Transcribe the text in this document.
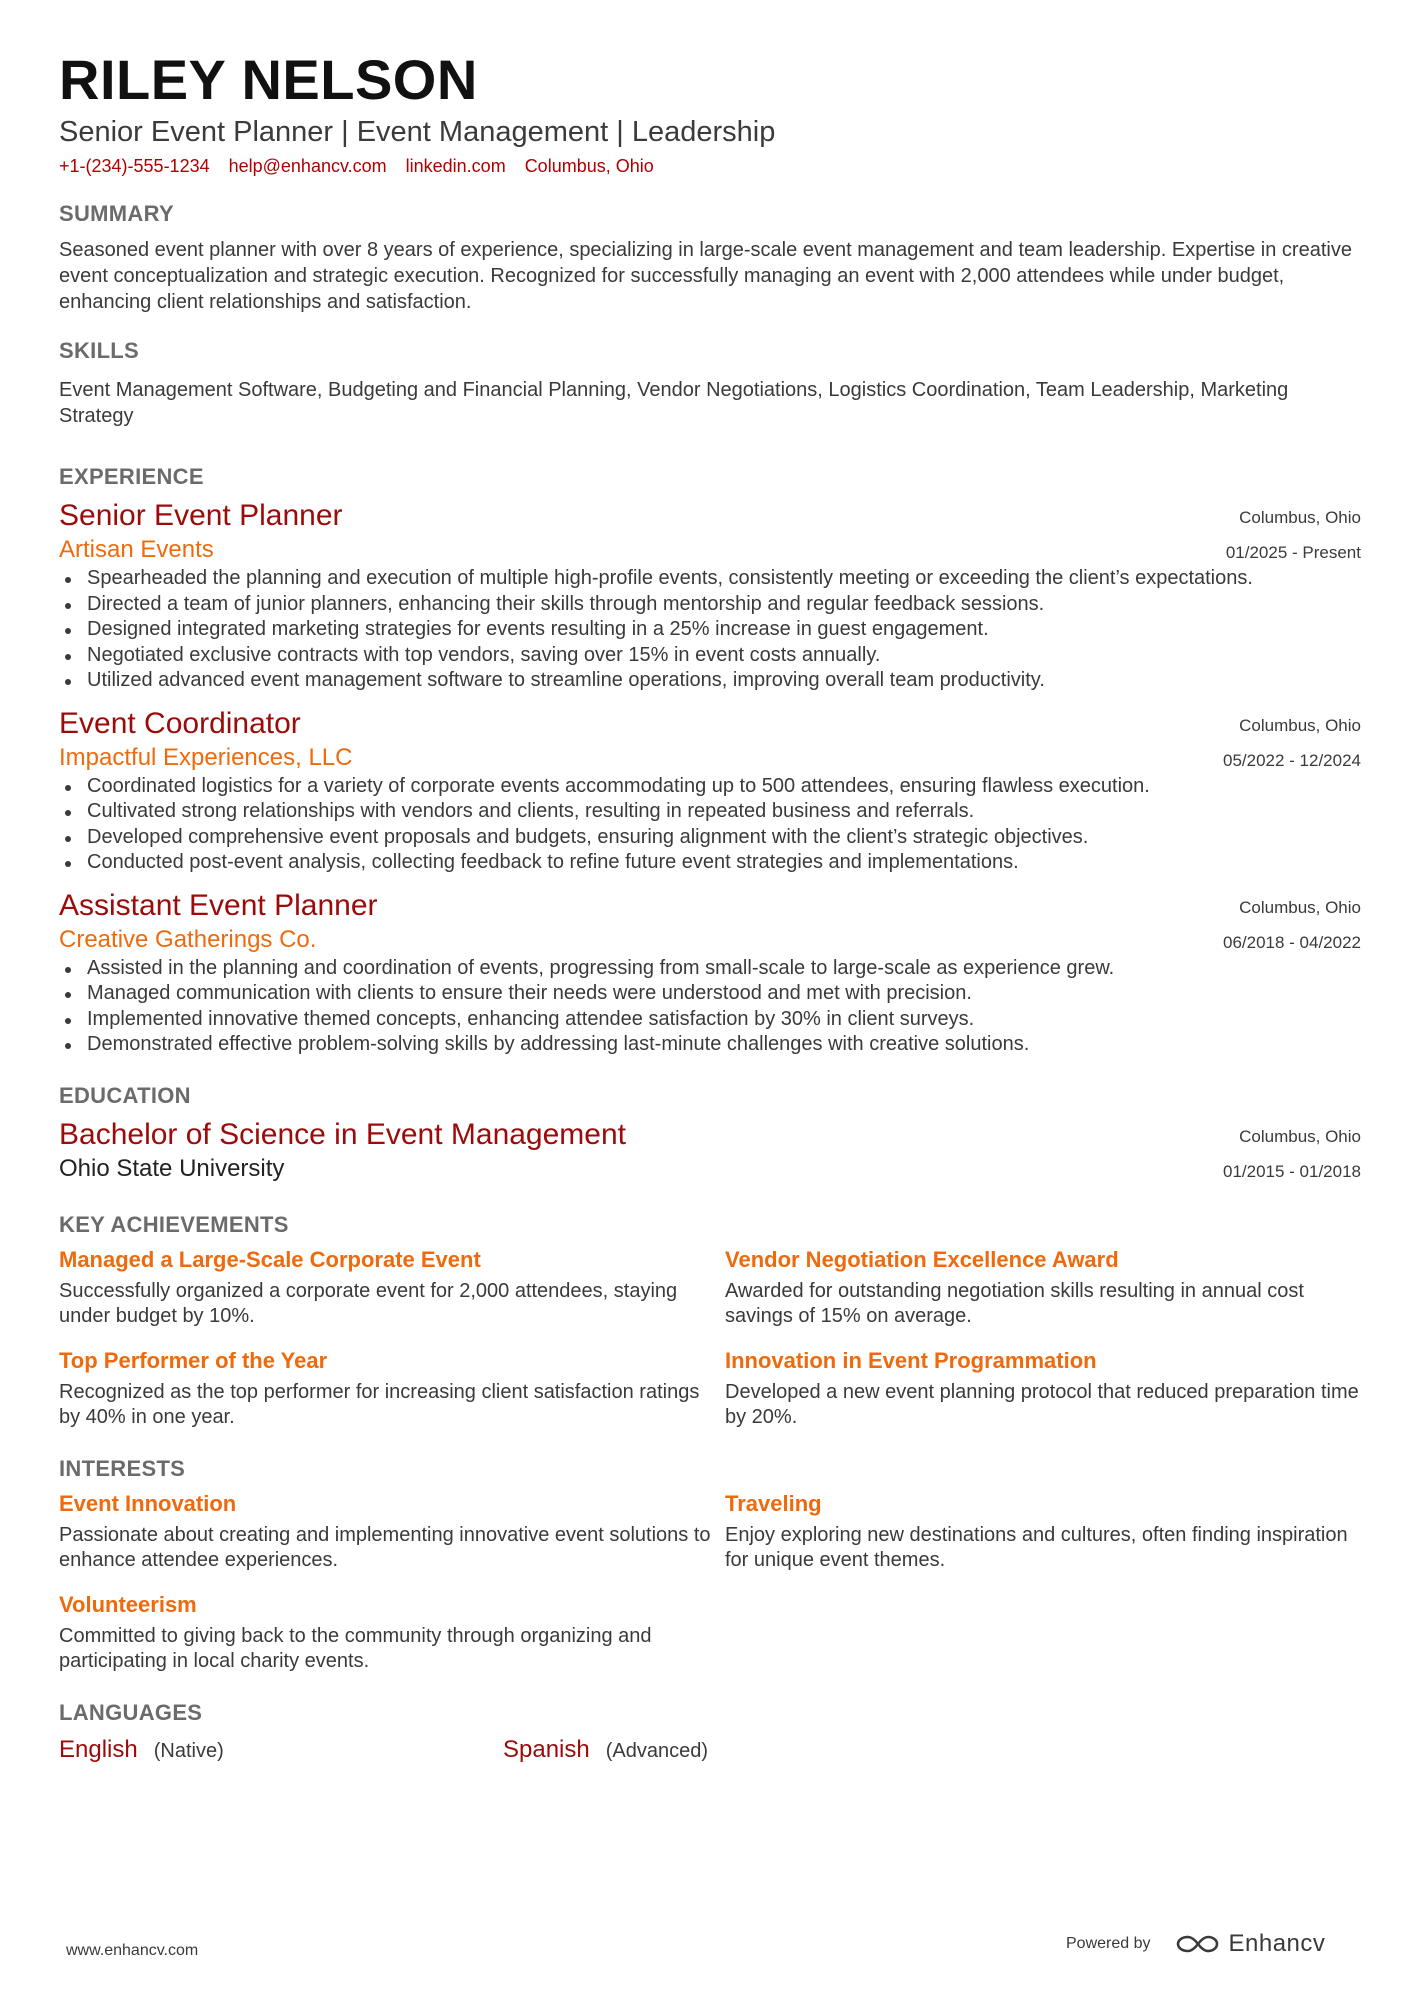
RILEY NELSON
Senior Event Planner | Event Management | Leadership
+1-(234)-555-1234 help@enhancv.com linkedin.com Columbus, Ohio
SUMMARY
Seasoned event planner with over 8 years of experience, specializing in large-scale event management and team leadership. Expertise in creative event conceptualization and strategic execution. Recognized for successfully managing an event with 2,000 attendees while under budget, enhancing client relationships and satisfaction.
SKILLS
Event Management Software, Budgeting and Financial Planning, Vendor Negotiations, Logistics Coordination, Team Leadership, Marketing Strategy
EXPERIENCE
Senior Event Planner
Artisan Events
Columbus, Ohio
01/2025 - Present
Spearheaded the planning and execution of multiple high-profile events, consistently meeting or exceeding the client’s expectations.
Directed a team of junior planners, enhancing their skills through mentorship and regular feedback sessions.
Designed integrated marketing strategies for events resulting in a 25% increase in guest engagement.
Negotiated exclusive contracts with top vendors, saving over 15% in event costs annually.
Utilized advanced event management software to streamline operations, improving overall team productivity.
Event Coordinator
Impactful Experiences, LLC
Columbus, Ohio
05/2022 - 12/2024
Coordinated logistics for a variety of corporate events accommodating up to 500 attendees, ensuring flawless execution.
Cultivated strong relationships with vendors and clients, resulting in repeated business and referrals.
Developed comprehensive event proposals and budgets, ensuring alignment with the client’s strategic objectives.
Conducted post-event analysis, collecting feedback to refine future event strategies and implementations.
Assistant Event Planner
Creative Gatherings Co.
Columbus, Ohio
06/2018 - 04/2022
Assisted in the planning and coordination of events, progressing from small-scale to large-scale as experience grew.
Managed communication with clients to ensure their needs were understood and met with precision.
Implemented innovative themed concepts, enhancing attendee satisfaction by 30% in client surveys.
Demonstrated effective problem-solving skills by addressing last-minute challenges with creative solutions.
EDUCATION
Bachelor of Science in Event Management
Ohio State University
Columbus, Ohio
01/2015 - 01/2018
KEY ACHIEVEMENTS
Managed a Large-Scale Corporate Event
Successfully organized a corporate event for 2,000 attendees, staying under budget by 10%.
Vendor Negotiation Excellence Award
Awarded for outstanding negotiation skills resulting in annual cost savings of 15% on average.
Top Performer of the Year
Recognized as the top performer for increasing client satisfaction ratings by 40% in one year.
Innovation in Event Programmation
Developed a new event planning protocol that reduced preparation time by 20%.
INTERESTS
Event Innovation
Passionate about creating and implementing innovative event solutions to enhance attendee experiences.
Traveling
Enjoy exploring new destinations and cultures, often finding inspiration for unique event themes.
Volunteerism
Committed to giving back to the community through organizing and participating in local charity events.
LANGUAGES
English (Native)	Spanish (Advanced)
www.enhancv.com	Powered by	Enhancv
